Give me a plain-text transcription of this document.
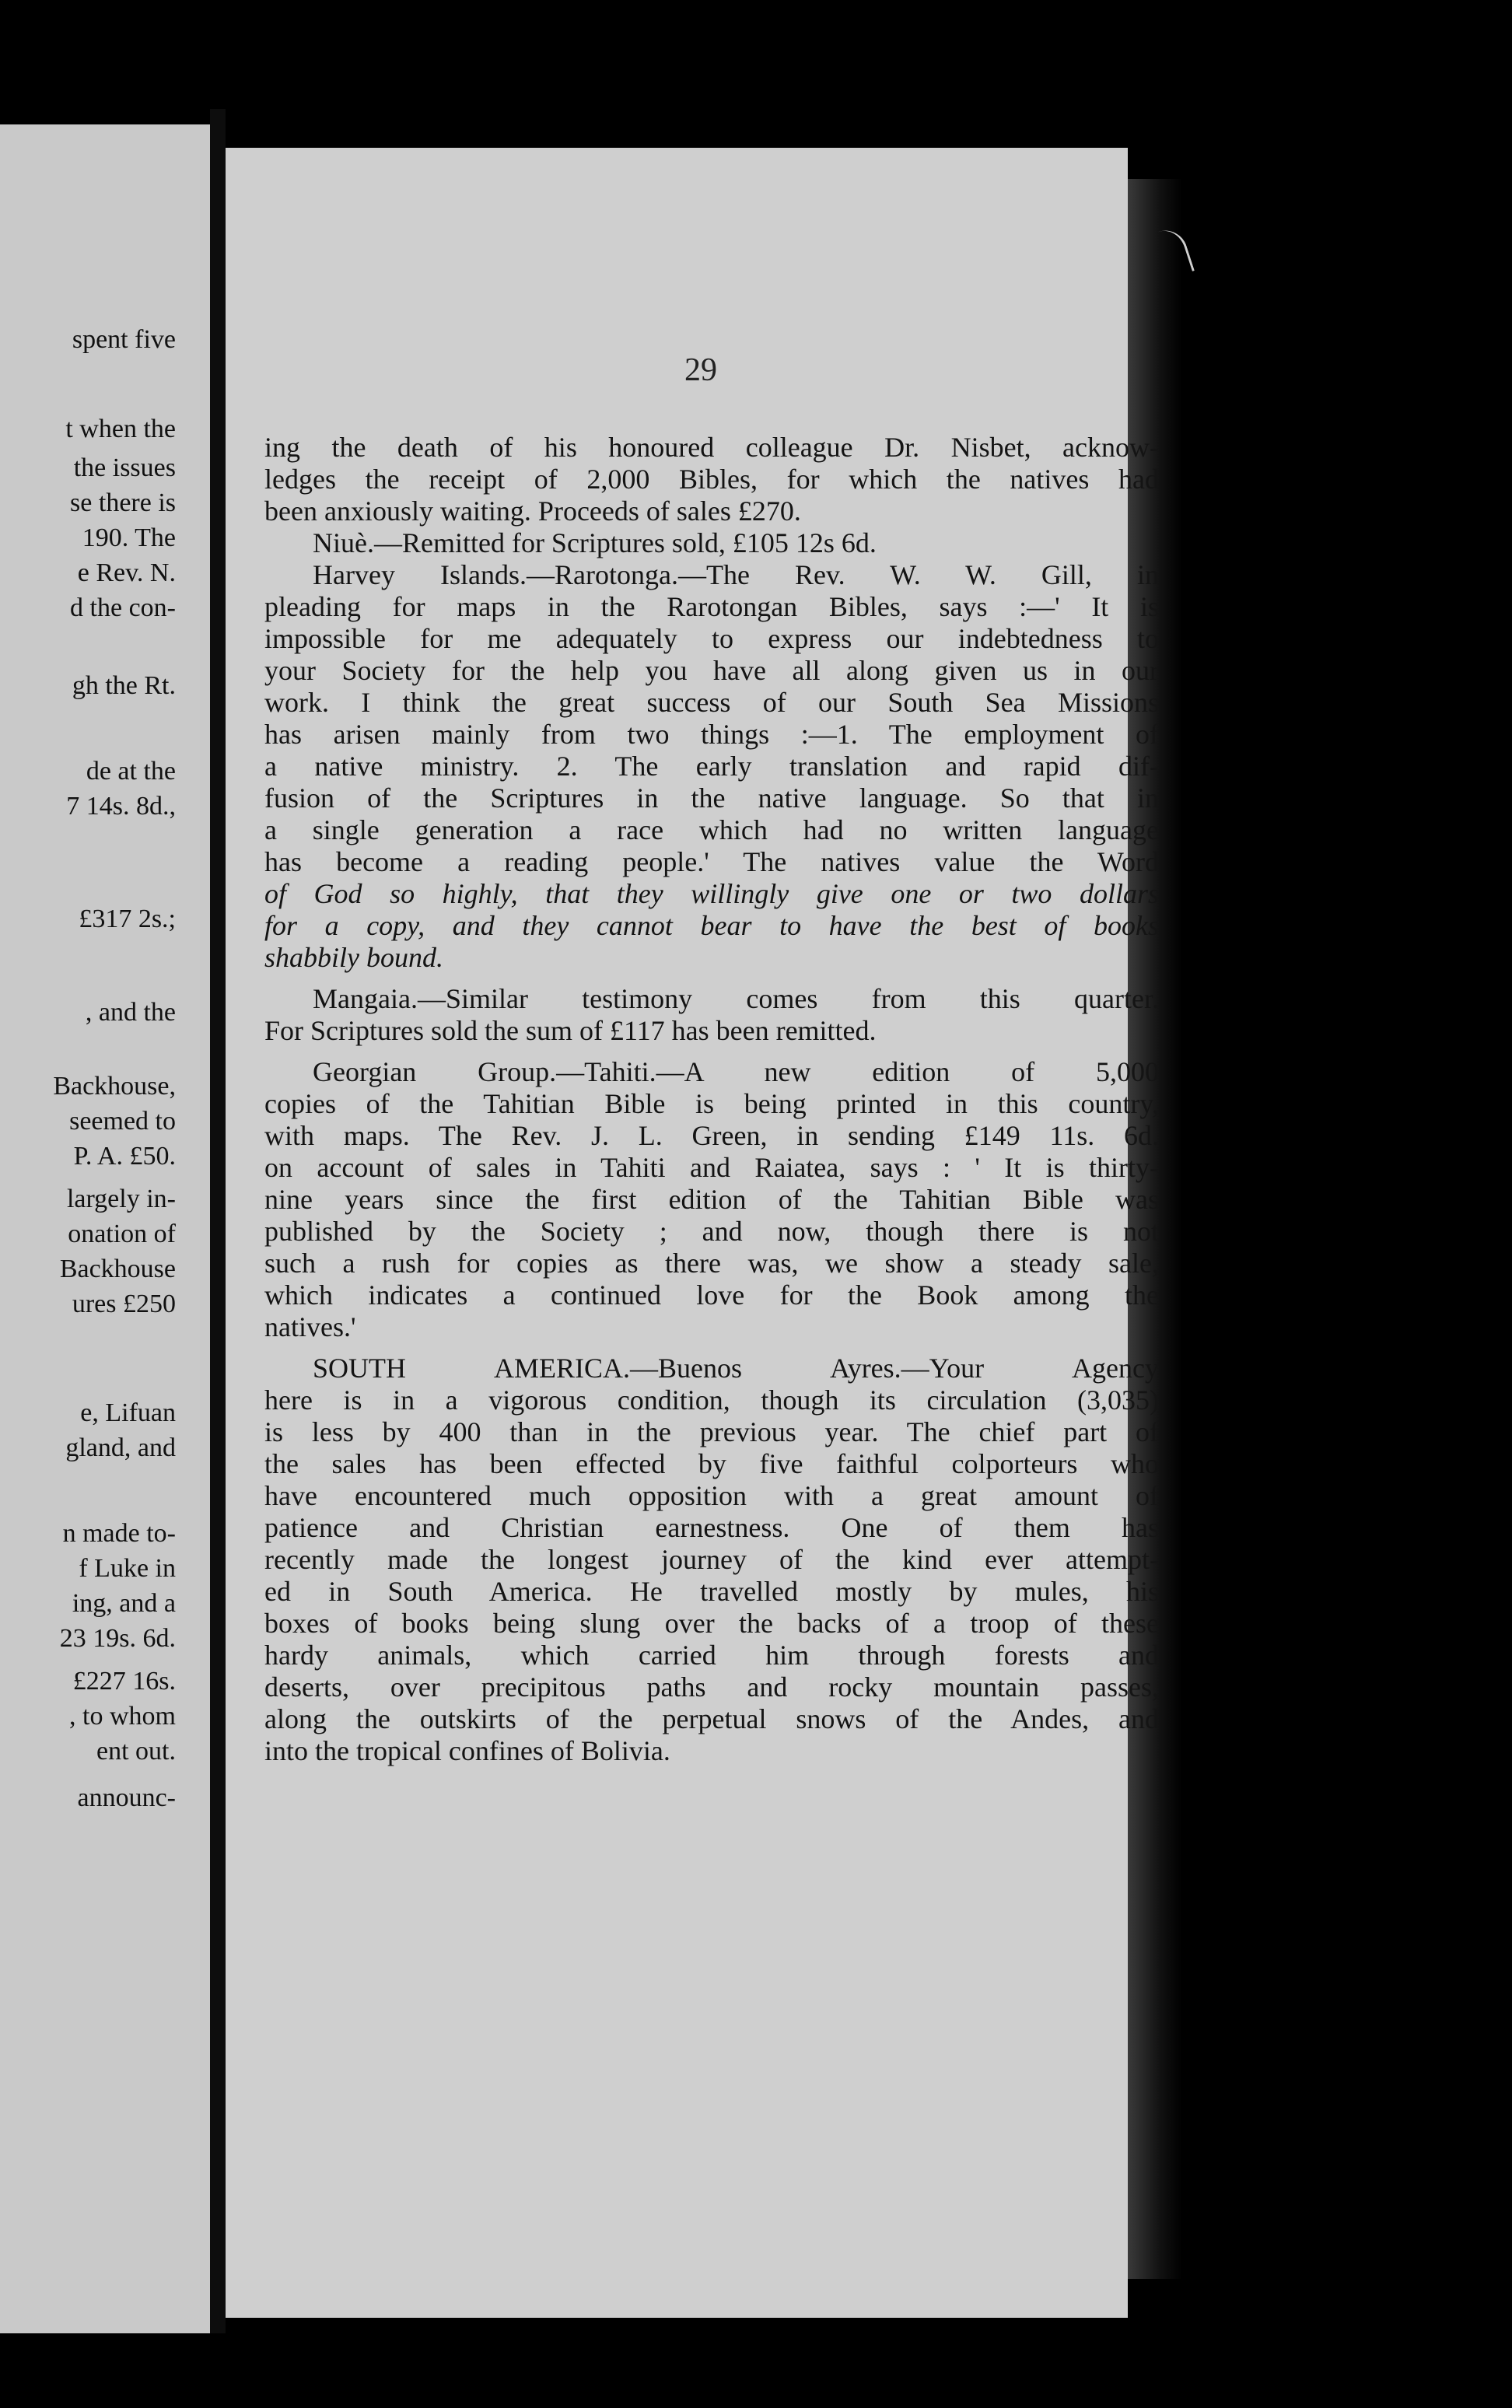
spent five
t when the
the issues
se there is
190. The
e Rev. N.
d the con-
gh the Rt.
de at the
7 14s. 8d.,
£317 2s.;
, and the
Backhouse,
seemed to
P. A. £50.
largely in-
onation of
Backhouse
ures £250
e, Lifuan
gland, and
n made to-
f Luke in
ing, and a
23 19s. 6d.
£227 16s.
, to whom
ent out.
announc-
29
ing the death of his honoured colleague Dr. Nisbet, acknow-
ledges the receipt of 2,000 Bibles, for which the natives had
been anxiously waiting. Proceeds of sales £270.
Niuè.—Remitted for Scriptures sold, £105 12s 6d.
Harvey Islands.—Rarotonga.—The Rev. W. W. Gill, in
pleading for maps in the Rarotongan Bibles, says :—' It is
impossible for me adequately to express our indebtedness to
your Society for the help you have all along given us in our
work. I think the great success of our South Sea Missions
has arisen mainly from two things :—1. The employment of
a native ministry. 2. The early translation and rapid dif-
fusion of the Scriptures in the native language. So that in
a single generation a race which had no written language
has become a reading people.' The natives value the Word
of God so highly, that they willingly give one or two dollars
for a copy, and they cannot bear to have the best of books
shabbily bound.
Mangaia.—Similar testimony comes from this quarter.
For Scriptures sold the sum of £117 has been remitted.
Georgian Group.—Tahiti.—A new edition of 5,000
copies of the Tahitian Bible is being printed in this country,
with maps. The Rev. J. L. Green, in sending £149 11s. 6d.
on account of sales in Tahiti and Raiatea, says : ' It is thirty-
nine years since the first edition of the Tahitian Bible was
published by the Society ; and now, though there is not
such a rush for copies as there was, we show a steady sale,
which indicates a continued love for the Book among the
natives.'
SOUTH AMERICA.—Buenos Ayres.—Your Agency
here is in a vigorous condition, though its circulation (3,035)
is less by 400 than in the previous year. The chief part of
the sales has been effected by five faithful colporteurs who
have encountered much opposition with a great amount of
patience and Christian earnestness. One of them has
recently made the longest journey of the kind ever attempt-
ed in South America. He travelled mostly by mules, his
boxes of books being slung over the backs of a troop of these
hardy animals, which carried him through forests and
deserts, over precipitous paths and rocky mountain passes,
along the outskirts of the perpetual snows of the Andes, and
into the tropical confines of Bolivia.
